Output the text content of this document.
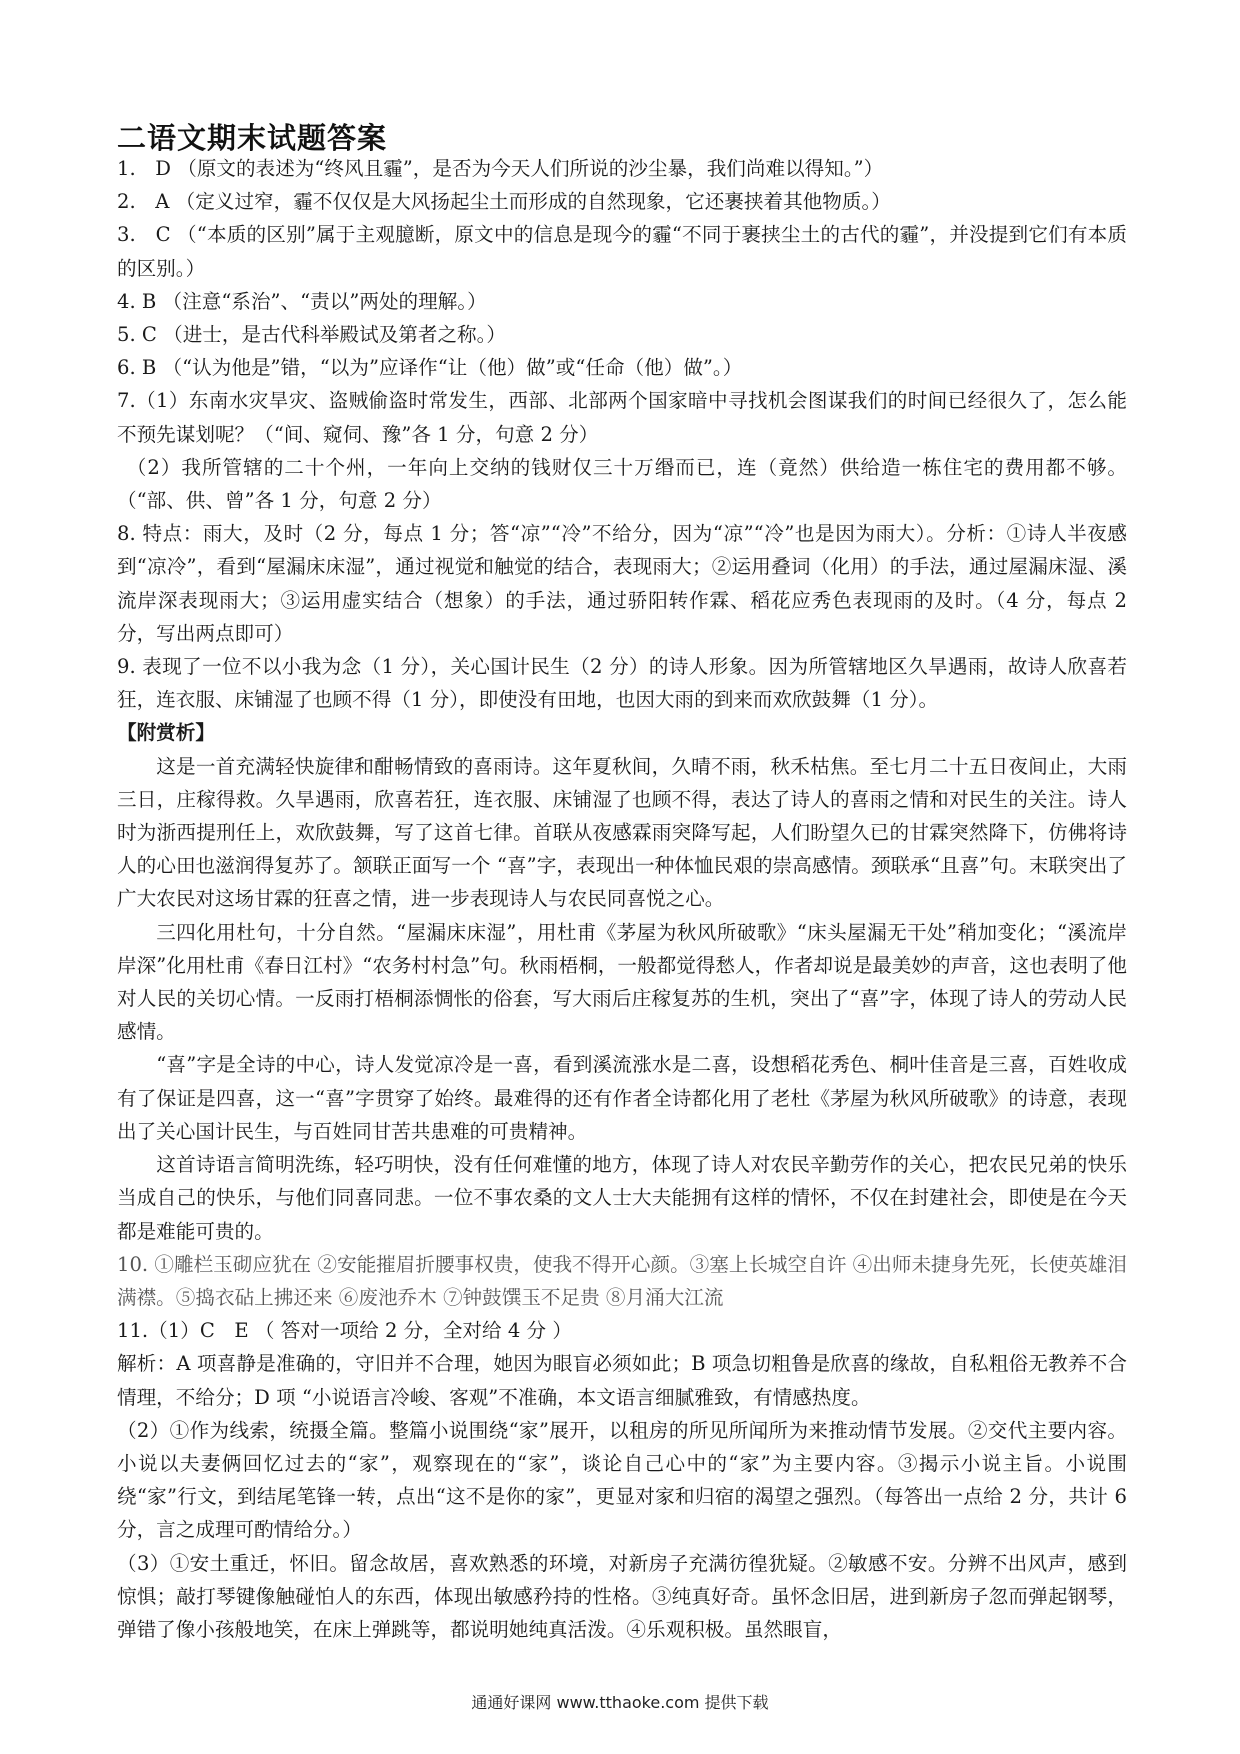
二语文期末试题答案

1.　D （原文的表述为“终风且霾”，是否为今天人们所说的沙尘暴，我们尚难以得知。”）

2.　A （定义过窄，霾不仅仅是大风扬起尘土而形成的自然现象，它还裹挟着其他物质。）

3.　C （“本质的区别”属于主观臆断，原文中的信息是现今的霾“不同于裹挟尘土的古代的霾”，并没提到它们有本质的区别。）

4. B （注意“系治”、“责以”两处的理解。）

5. C （进士，是古代科举殿试及第者之称。）

6. B （“认为他是”错，“以为”应译作“让（他）做”或“任命（他）做”。）

7.（1）东南水灾旱灾、盗贼偷盗时常发生，西部、北部两个国家暗中寻找机会图谋我们的时间已经很久了，怎么能不预先谋划呢？（“间、窥伺、豫”各 1 分，句意 2 分）

（2）我所管辖的二十个州，一年向上交纳的钱财仅三十万缗而已，连（竟然）供给造一栋住宅的费用都不够。（“部、供、曾”各 1 分，句意 2 分）

8. 特点：雨大，及时（2 分，每点 1 分；答“凉”“冷”不给分，因为“凉”“冷”也是因为雨大）。分析：①诗人半夜感到“凉冷”，看到“屋漏床床湿”，通过视觉和触觉的结合，表现雨大；②运用叠词（化用）的手法，通过屋漏床湿、溪流岸深表现雨大；③运用虚实结合（想象）的手法，通过骄阳转作霖、稻花应秀色表现雨的及时。（4 分，每点 2 分，写出两点即可）

9. 表现了一位不以小我为念（1 分），关心国计民生（2 分）的诗人形象。因为所管辖地区久旱遇雨，故诗人欣喜若狂，连衣服、床铺湿了也顾不得（1 分），即使没有田地，也因大雨的到来而欢欣鼓舞（1 分）。

【附赏析】

这是一首充满轻快旋律和酣畅情致的喜雨诗。这年夏秋间，久晴不雨，秋禾枯焦。至七月二十五日夜间止，大雨三日，庄稼得救。久旱遇雨，欣喜若狂，连衣服、床铺湿了也顾不得，表达了诗人的喜雨之情和对民生的关注。诗人时为浙西提刑任上，欢欣鼓舞，写了这首七律。首联从夜感霖雨突降写起，人们盼望久已的甘霖突然降下，仿佛将诗人的心田也滋润得复苏了。颔联正面写一个 “喜”字，表现出一种体恤民艰的崇高感情。颈联承“且喜”句。末联突出了广大农民对这场甘霖的狂喜之情，进一步表现诗人与农民同喜悦之心。

三四化用杜句，十分自然。“屋漏床床湿”，用杜甫《茅屋为秋风所破歌》“床头屋漏无干处”稍加变化；“溪流岸岸深”化用杜甫《春日江村》“农务村村急”句。秋雨梧桐，一般都觉得愁人，作者却说是最美妙的声音，这也表明了他对人民的关切心情。一反雨打梧桐添惆怅的俗套，写大雨后庄稼复苏的生机，突出了“喜”字，体现了诗人的劳动人民感情。

“喜”字是全诗的中心，诗人发觉凉冷是一喜，看到溪流涨水是二喜，设想稻花秀色、桐叶佳音是三喜，百姓收成有了保证是四喜，这一“喜”字贯穿了始终。最难得的还有作者全诗都化用了老杜《茅屋为秋风所破歌》的诗意，表现出了关心国计民生，与百姓同甘苦共患难的可贵精神。

这首诗语言简明洗练，轻巧明快，没有任何难懂的地方，体现了诗人对农民辛勤劳作的关心，把农民兄弟的快乐当成自己的快乐，与他们同喜同悲。一位不事农桑的文人士大夫能拥有这样的情怀，不仅在封建社会，即使是在今天都是难能可贵的。

10. ①雕栏玉砌应犹在 ②安能摧眉折腰事权贵，使我不得开心颜。③塞上长城空自许 ④出师未捷身先死，长使英雄泪满襟。⑤捣衣砧上拂还来 ⑥废池乔木 ⑦钟鼓馔玉不足贵 ⑧月涌大江流

11.（1）C　E （ 答对一项给 2 分，全对给 4 分 ）

解析：A 项喜静是准确的，守旧并不合理，她因为眼盲必须如此；B 项急切粗鲁是欣喜的缘故，自私粗俗无教养不合情理，不给分；D 项 “小说语言冷峻、客观”不准确，本文语言细腻雅致，有情感热度。

（2）①作为线索，统摄全篇。整篇小说围绕“家”展开，以租房的所见所闻所为来推动情节发展。②交代主要内容。小说以夫妻俩回忆过去的“家”，观察现在的“家”，谈论自己心中的“家”为主要内容。③揭示小说主旨。小说围绕“家”行文，到结尾笔锋一转，点出“这不是你的家”，更显对家和归宿的渴望之强烈。（每答出一点给 2 分，共计 6 分，言之成理可酌情给分。）

（3）①安土重迁，怀旧。留念故居，喜欢熟悉的环境，对新房子充满彷徨犹疑。②敏感不安。分辨不出风声，感到惊惧；敲打琴键像触碰怕人的东西，体现出敏感矜持的性格。③纯真好奇。虽怀念旧居，进到新房子忽而弹起钢琴，弹错了像小孩般地笑，在床上弹跳等，都说明她纯真活泼。④乐观积极。虽然眼盲，

通通好课网 www.tthaoke.com 提供下载
